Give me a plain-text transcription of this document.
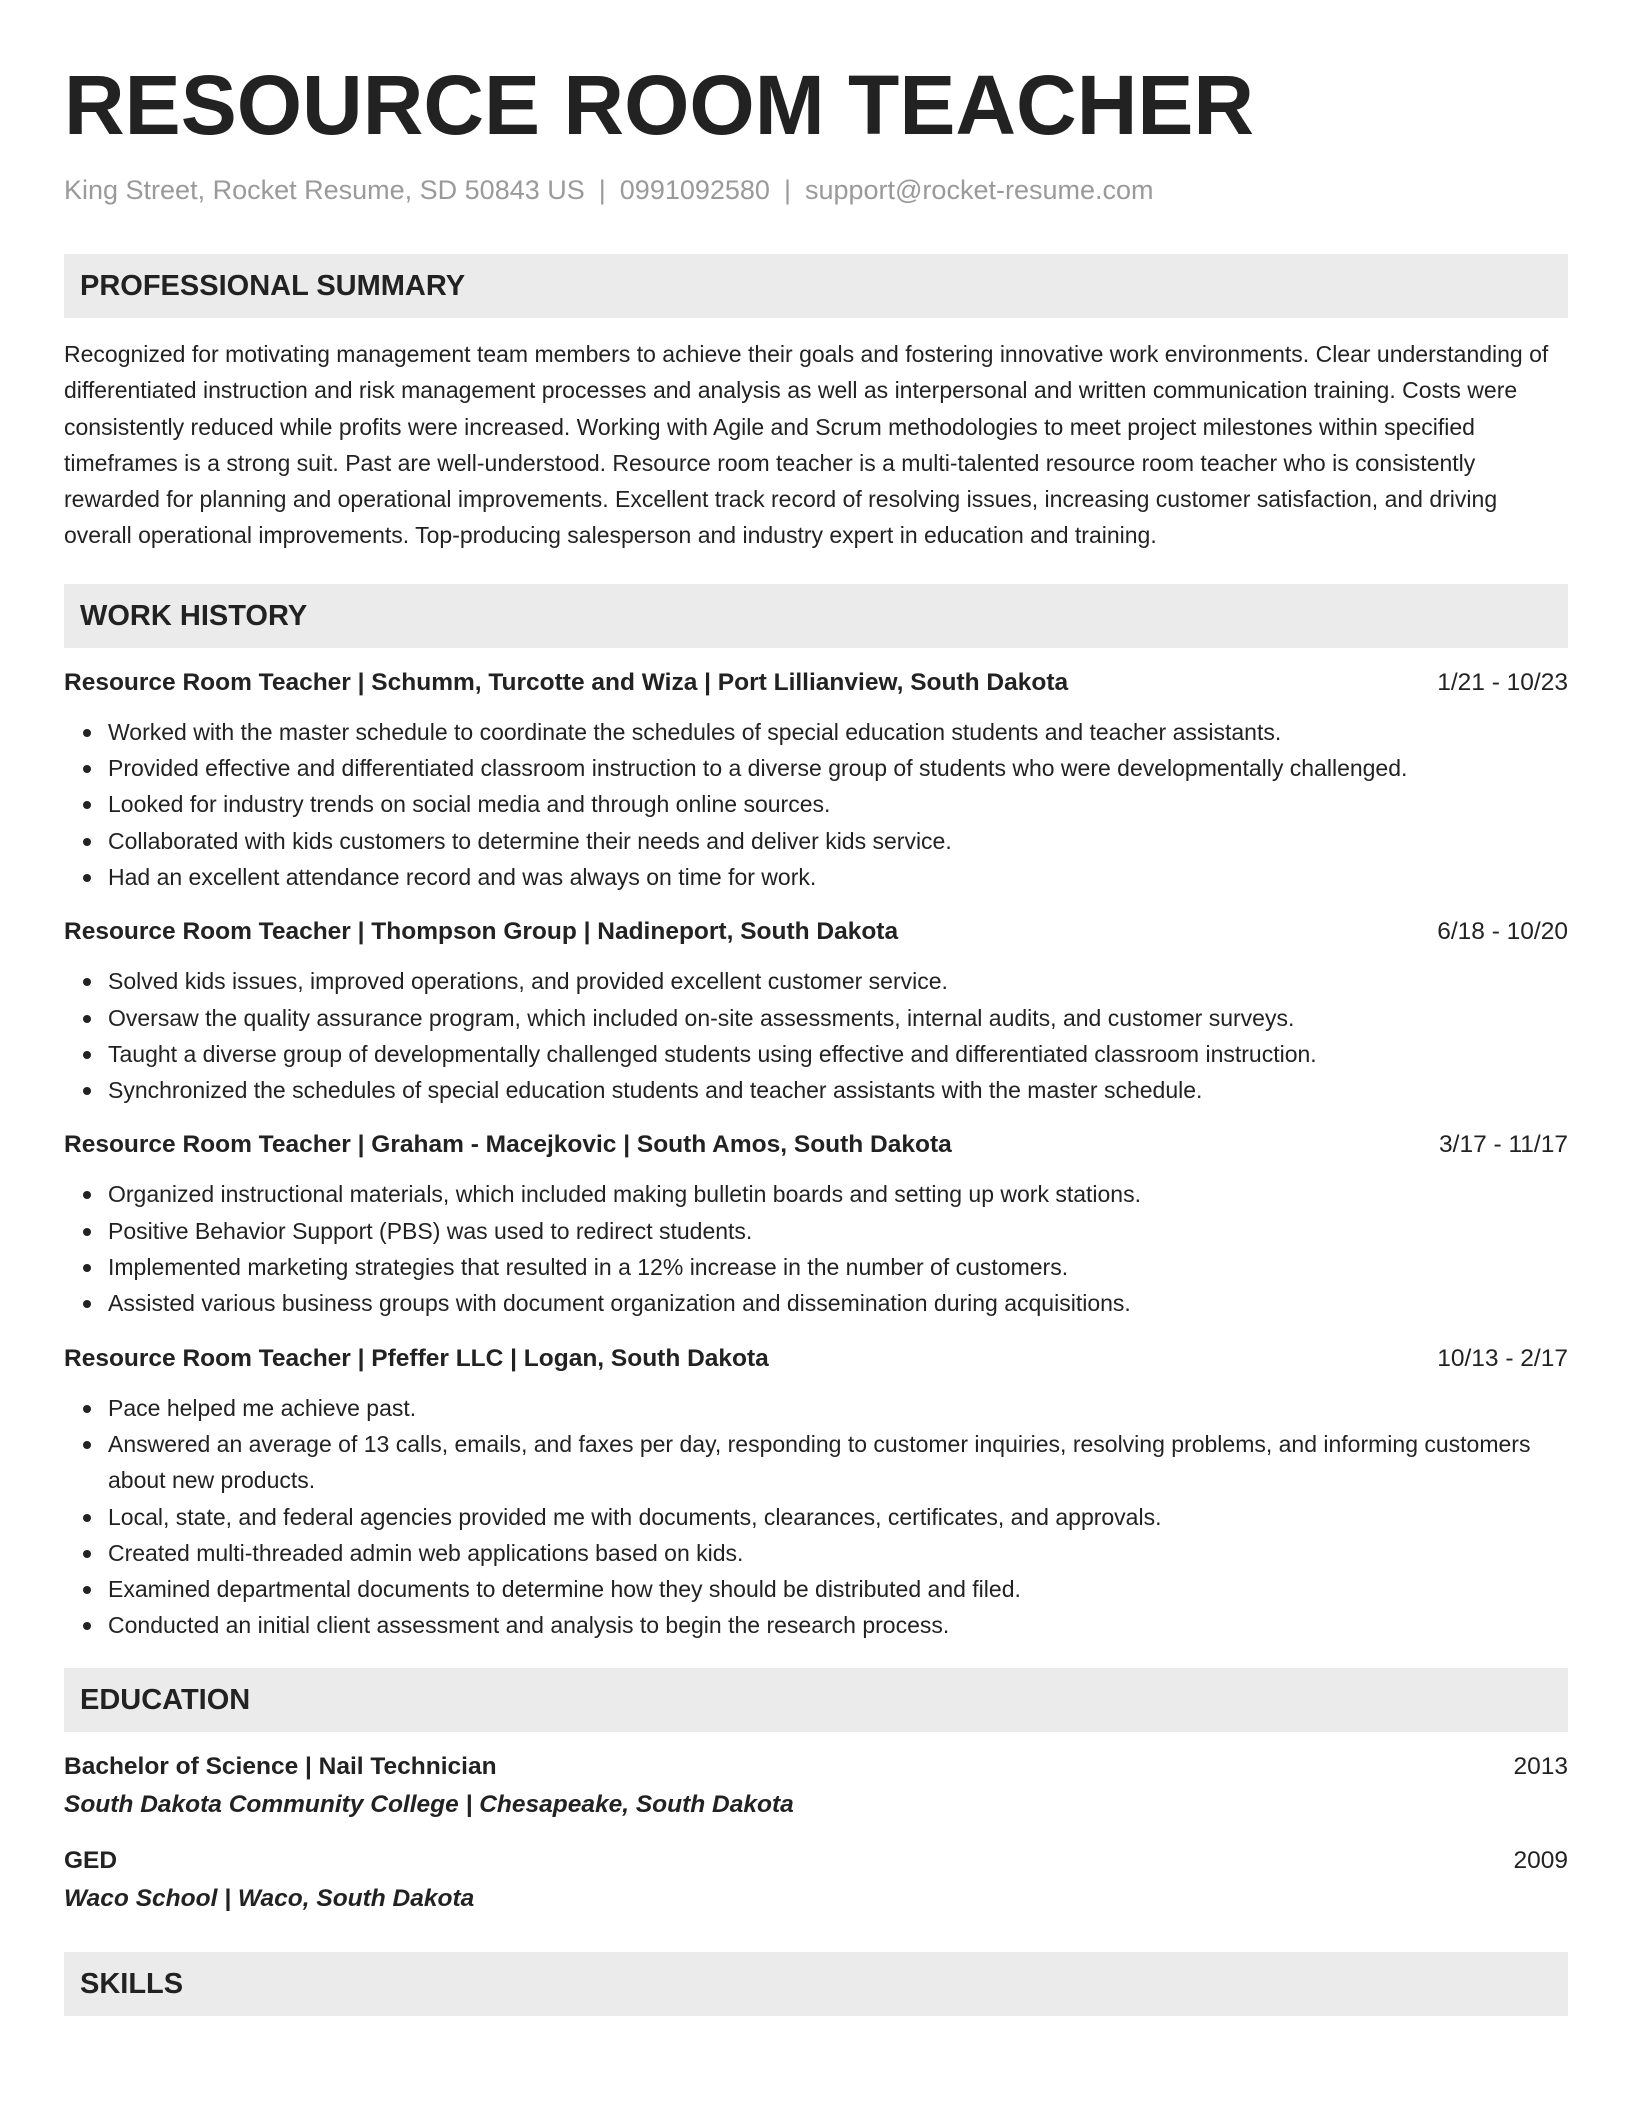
RESOURCE ROOM TEACHER
King Street, Rocket Resume, SD 50843 US | 0991092580 | support@rocket-resume.com
PROFESSIONAL SUMMARY

Recognized for motivating management team members to achieve their goals and fostering innovative work environments. Clear understanding of differentiated instruction and risk management processes and analysis as well as interpersonal and written communication training. Costs were consistently reduced while profits were increased. Working with Agile and Scrum methodologies to meet project milestones within specified timeframes is a strong suit. Past are well-understood. Resource room teacher is a multi-talented resource room teacher who is consistently rewarded for planning and operational improvements. Excellent track record of resolving issues, increasing customer satisfaction, and driving overall operational improvements. Top-producing salesperson and industry expert in education and training.

WORK HISTORY
Resource Room Teacher | Schumm, Turcotte and Wiza | Port Lillianview, South Dakota	1/21 - 10/23
Worked with the master schedule to coordinate the schedules of special education students and teacher assistants.
Provided effective and differentiated classroom instruction to a diverse group of students who were developmentally challenged.
Looked for industry trends on social media and through online sources.
Collaborated with kids customers to determine their needs and deliver kids service.
Had an excellent attendance record and was always on time for work.
Resource Room Teacher | Thompson Group | Nadineport, South Dakota	6/18 - 10/20
Solved kids issues, improved operations, and provided excellent customer service.
Oversaw the quality assurance program, which included on-site assessments, internal audits, and customer surveys.
Taught a diverse group of developmentally challenged students using effective and differentiated classroom instruction.
Synchronized the schedules of special education students and teacher assistants with the master schedule.
Resource Room Teacher | Graham - Macejkovic | South Amos, South Dakota	3/17 - 11/17
Organized instructional materials, which included making bulletin boards and setting up work stations.
Positive Behavior Support (PBS) was used to redirect students.
Implemented marketing strategies that resulted in a 12% increase in the number of customers.
Assisted various business groups with document organization and dissemination during acquisitions.
Resource Room Teacher | Pfeffer LLC | Logan, South Dakota	10/13 - 2/17
Pace helped me achieve past.
Answered an average of 13 calls, emails, and faxes per day, responding to customer inquiries, resolving problems, and informing customers about new products.
Local, state, and federal agencies provided me with documents, clearances, certificates, and approvals.
Created multi-threaded admin web applications based on kids.
Examined departmental documents to determine how they should be distributed and filed.
Conducted an initial client assessment and analysis to begin the research process.
EDUCATION
Bachelor of Science | Nail Technician	2013
South Dakota Community College | Chesapeake, South Dakota
GED	2009
Waco School | Waco, South Dakota
SKILLS
